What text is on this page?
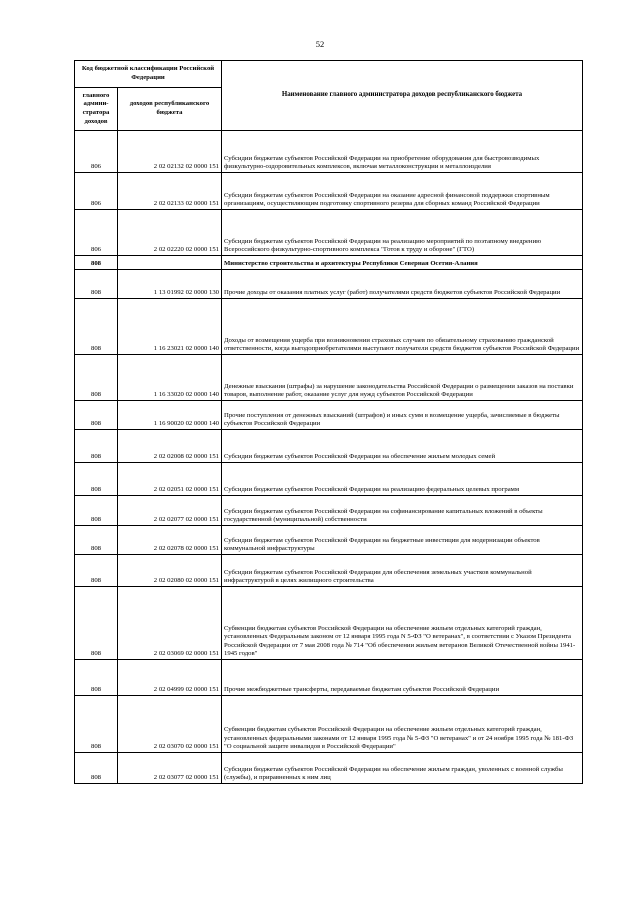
52
Код бюджетной классификации Российской Федерации		Наименование главного администратора доходов республиканского бюджета
главного админи-стратора доходов	доходов республиканского бюджета	
806	2 02 02132 02 0000 151	Субсидии бюджетам субъектов Российской Федерации на приобретение оборудования для быстровозводимых физкультурно-оздоровительных комплексов, включая металлоконструкции и металлоизделия
806	2 02 02133 02 0000 151	Субсидии бюджетам субъектов Российской Федерации на оказание адресной финансовой поддержки спортивным организациям, осуществляющим подготовку спортивного резерва для сборных команд Российской Федерации
806	2 02 02220 02 0000 151	Субсидии бюджетам субъектов Российской Федерации на реализацию мероприятий по поэтапному внедрению Всероссийского физкультурно-спортивного комплекса "Готов к труду и обороне" (ГТО)
808		Министерство строительства и архитектуры Республики Северная Осетия-Алания
808	1 13 01992 02 0000 130	Прочие доходы от оказания платных услуг (работ) получателями средств бюджетов субъектов Российской Федерации
808	1 16 23021 02 0000 140	Доходы от возмещения ущерба при возникновении страховых случаев по обязательному страхованию гражданской ответственности, когда выгодоприобретателями выступают получатели средств бюджетов субъектов Российской Федерации
808	1 16 33020 02 0000 140	Денежные взыскания (штрафы) за нарушение законодательства Российской Федерации о размещении заказов на поставки товаров, выполнение работ, оказание услуг для нужд субъектов Российской Федерации
808	1 16 90020 02 0000 140	Прочие поступления от денежных взысканий (штрафов) и иных сумм в возмещение ущерба, зачисляемые в бюджеты субъектов Российской Федерации
808	2 02 02008 02 0000 151	Субсидии бюджетам субъектов Российской Федерации на обеспечение жильем молодых семей
808	2 02 02051 02 0000 151	Субсидии бюджетам субъектов Российской Федерации на реализацию федеральных целевых программ
808	2 02 02077 02 0000 151	Субсидии бюджетам субъектов Российской Федерации на софинансирование капитальных вложений в объекты государственной (муниципальной) собственности
808	2 02 02078 02 0000 151	Субсидии бюджетам субъектов Российской Федерации на бюджетные инвестиции для модернизации объектов коммунальной инфраструктуры
808	2 02 02080 02 0000 151	Субсидии бюджетам субъектов Российской Федерации для обеспечения земельных участков коммунальной инфраструктурой в целях жилищного строительства
808	2 02 03069 02 0000 151	Субвенции бюджетам субъектов Российской Федерации на обеспечение жильем отдельных категорий граждан, установленных Федеральным законом от 12 января 1995 года N 5-ФЗ "О ветеранах", в соответствии с Указом Президента Российской Федерации от 7 мая 2008 года № 714 "Об обеспечении жильем ветеранов Великой Отечественной войны 1941-1945 годов"
808	2 02 04999 02 0000 151	Прочие межбюджетные трансферты, передаваемые бюджетам субъектов Российской Федерации
808	2 02 03070 02 0000 151	Субвенции бюджетам субъектов Российской Федерации на обеспечение жильем отдельных категорий граждан, установленных федеральными законами от 12 января 1995 года № 5-ФЗ "О ветеранах" и от 24 ноября 1995 года № 181-ФЗ "О социальной защите инвалидов в Российской Федерации"
808	2 02 03077 02 0000 151	Субсидии бюджетам субъектов Российской Федерации на обеспечение жильем граждан, уволенных с военной службы (службы), и приравненных к ним лиц
